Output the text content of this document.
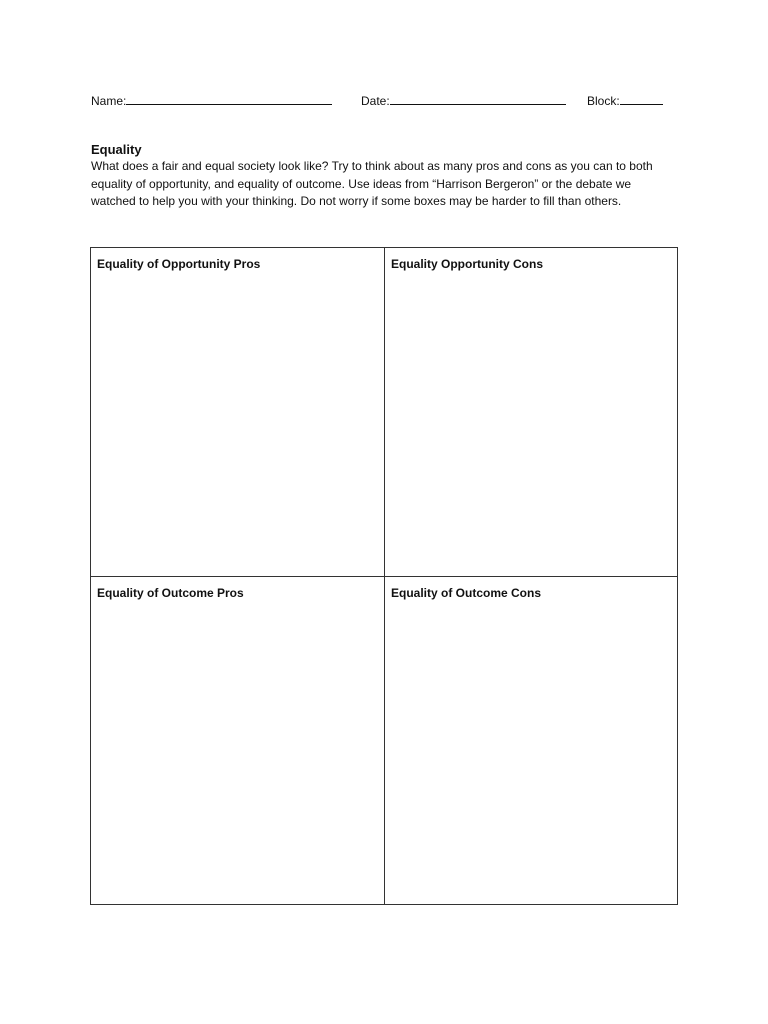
Name:	Date:	Block:
Equality
What does a fair and equal society look like? Try to think about as many pros and cons as you can to both equality of opportunity, and equality of outcome. Use ideas from “Harrison Bergeron” or the debate we watched to help you with your thinking. Do not worry if some boxes may be harder to fill than others.
Equality of Opportunity Pros	Equality Opportunity Cons
Equality of Outcome Pros	Equality of Outcome Cons
